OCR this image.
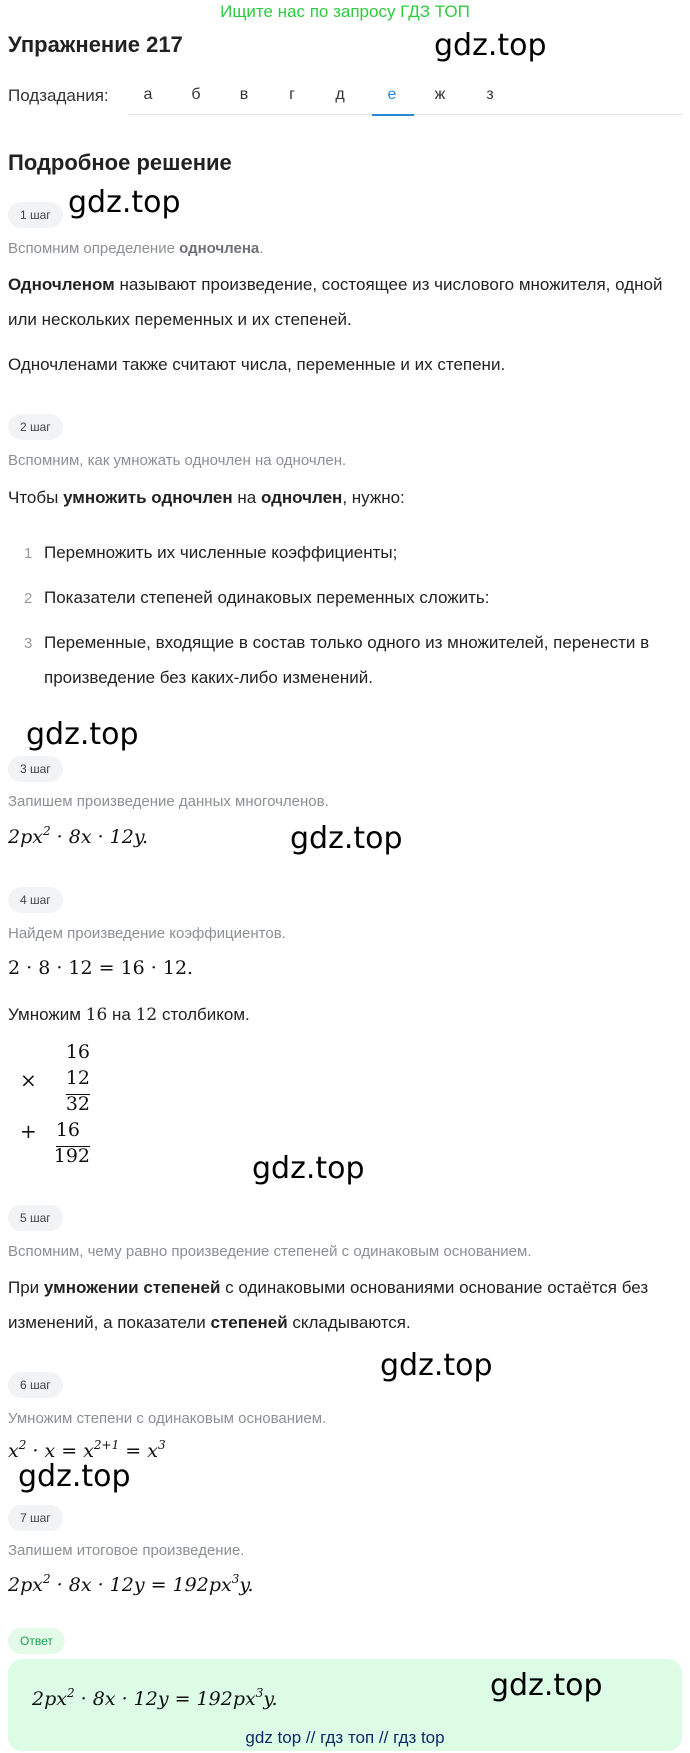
Ищите нас по запросу ГДЗ ТОП
Упражнение 217	gdz.top
Подзадания:	а	б	в	г	д	е	ж	з
Подробное решение
1 шаг gdz.top
Вспомним определение одночлена.
Одночленом называют произведение, состоящее из числового множителя, одной или нескольких переменных и их степеней.
Одночленами также считают числа, переменные и их степени.
2 шаг
Вспомним, как умножать одночлен на одночлен.
Чтобы умножить одночлен на одночлен, нужно:
1 Перемножить их численные коэффициенты;
2 Показатели степеней одинаковых переменных сложить:
3 Переменные, входящие в состав только одного из множителей, перенести в произведение без каких-либо изменений.
gdz.top
3 шаг
Запишем произведение данных многочленов.
$2px^2 \cdot 8x \cdot 12y$.	gdz.top
4 шаг
Найдем произведение коэффициентов.
2 · 8 · 12 = 16 · 12.
Умножим 16 на 12 столбиком.
16
×	12
32
+	16
192	gdz.top
5 шаг
Вспомним, чему равно произведение степеней с одинаковым основанием.
При умножении степеней с одинаковыми основаниями основание остаётся без изменений, а показатели степеней складываются.
gdz.top
6 шаг
Умножим степени с одинаковым основанием.
$x^2 \cdot x = x^{2+1} = x^3$
gdz.top
7 шаг
Запишем итоговое произведение.
$2px^2 \cdot 8x \cdot 12y = 192px^3y$.
Ответ
$2px^2 \cdot 8x \cdot 12y = 192px^3y$.	gdz.top
gdz top // гдз топ // гдз top
